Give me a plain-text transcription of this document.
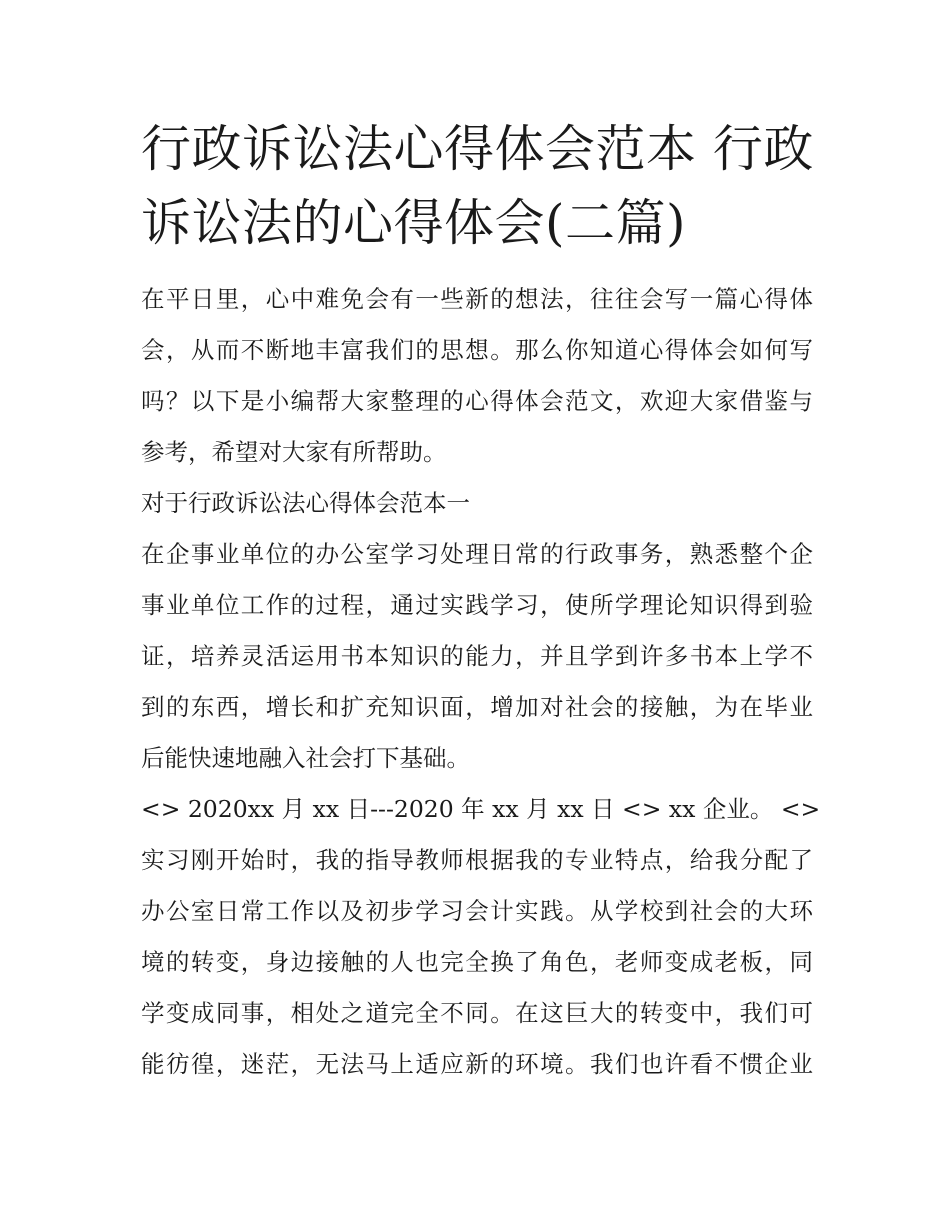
行政诉讼法心得体会范本 行政
诉讼法的心得体会(二篇)

在平日里，心中难免会有一些新的想法，往往会写一篇心得体
会，从而不断地丰富我们的思想。那么你知道心得体会如何写
吗？以下是小编帮大家整理的心得体会范文，欢迎大家借鉴与
参考，希望对大家有所帮助。

对于行政诉讼法心得体会范本一

在企事业单位的办公室学习处理日常的行政事务，熟悉整个企
事业单位工作的过程，通过实践学习，使所学理论知识得到验
证，培养灵活运用书本知识的能力，并且学到许多书本上学不
到的东西，增长和扩充知识面，增加对社会的接触，为在毕业
后能快速地融入社会打下基础。

<> 2020xx 月 xx 日---2020 年 xx 月 xx 日 <> xx 企业。 <>

实习刚开始时，我的指导教师根据我的专业特点，给我分配了
办公室日常工作以及初步学习会计实践。从学校到社会的大环
境的转变，身边接触的人也完全换了角色，老师变成老板，同
学变成同事，相处之道完全不同。在这巨大的转变中，我们可
能彷徨，迷茫，无法马上适应新的环境。我们也许看不惯企业
